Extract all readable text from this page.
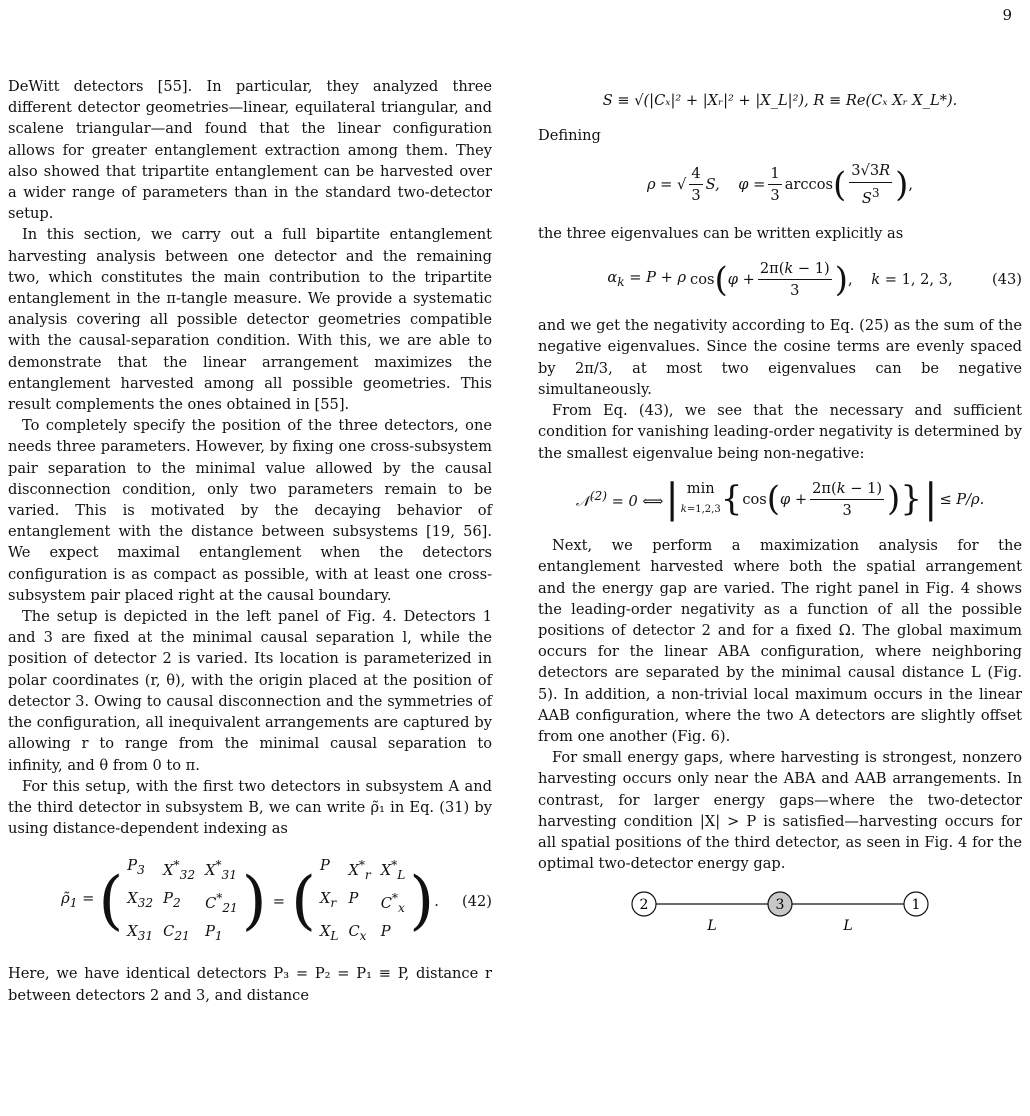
9

DeWitt detectors [55]. In particular, they analyzed three different detector geometries—linear, equilateral triangular, and scalene triangular—and found that the linear configuration allows for greater entanglement extraction among them. They also showed that tripartite entanglement can be harvested over a wider range of parameters than in the standard two-detector setup.

In this section, we carry out a full bipartite entanglement harvesting analysis between one detector and the remaining two, which constitutes the main contribution to the tripartite entanglement in the π-tangle measure. We provide a systematic analysis covering all possible detector geometries compatible with the causal-separation condition. With this, we are able to demonstrate that the linear arrangement maximizes the entanglement harvested among all possible geometries. This result complements the ones obtained in [55].

To completely specify the position of the three detectors, one needs three parameters. However, by fixing one cross-subsystem pair separation to the minimal value allowed by the causal disconnection condition, only two parameters remain to be varied. This is motivated by the decaying behavior of entanglement with the distance between subsystems [19, 56]. We expect maximal entanglement when the detectors configuration is as compact as possible, with at least one cross-subsystem pair placed right at the causal boundary.

The setup is depicted in the left panel of Fig. 4. Detectors 1 and 3 are fixed at the minimal causal separation l, while the position of detector 2 is varied. Its location is parameterized in polar coordinates (r, θ), with the origin placed at the position of detector 3. Owing to causal disconnection and the symmetries of the configuration, all inequivalent arrangements are captured by allowing r to range from the minimal causal separation to infinity, and θ from 0 to π.

For this setup, with the first two detectors in subsystem A and the third detector in subsystem B, we can write ρ̃₁ in Eq. (31) by using distance-dependent indexing as

$\rhõ_1$ = ( $P_3$	$X^*_{32}$ $X^*_{31}$
$X_{32}$ $P_2$	$C^*_{21}$
$X_{31}$ $C_{21}$	$P_1$ ) = ( P	$X^*_r$ $X^*_L$
$X_r$ P	$C^*_x$
$X_L$ $C_x$ P ) . (42)

Here, we have identical detectors P₃ = P₂ = P₁ ≡ P, distance r between detectors 2 and 3, and distance

S ≡ √(|Cₓ|² + |Xᵣ|² + |X_L|²), R ≡ Re(Cₓ Xᵣ X_L*).

Defining

ρ = √ $\frac{4}{3} S$,    $\varphi = \frac{1}{3}$ arccos ( $\frac{3√3R}{S^3}$ ) ,

the three eigenvalues can be written explicitly as

$\alpha_k = P + \rho$ cos ( $\varphi + \frac{2\pi(k - 1)}{3}$ ) ,    k = 1, 2, 3,	(43)

and we get the negativity according to Eq. (25) as the sum of the negative eigenvalues. Since the cosine terms are evenly spaced by 2π/3, at most two eigenvalues can be negative simultaneously.

From Eq. (43), we see that the necessary and sufficient condition for vanishing leading-order negativity is determined by the smallest eigenvalue being non-negative:

𝒩$^{(2)}$ = 0 ⟺ | min
k=1,2,3 { cos ( $\varphi + \frac{2\pi(k - 1)}{3}$ ) } | ≤ P/ρ.

Next, we perform a maximization analysis for the entanglement harvested where both the spatial arrangement and the energy gap are varied. The right panel in Fig. 4 shows the leading-order negativity as a function of all the possible positions of detector 2 and for a fixed Ω. The global maximum occurs for the linear ABA configuration, where neighboring detectors are separated by the minimal causal distance L (Fig. 5). In addition, a non-trivial local maximum occurs in the linear AAB configuration, where the two A detectors are slightly offset from one another (Fig. 6).

For small energy gaps, where harvesting is strongest, nonzero harvesting occurs only near the ABA and AAB arrangements. In contrast, for larger energy gaps—where the two-detector harvesting condition |X| > P is satisfied—harvesting occurs for all spatial positions of the third detector, as seen in Fig. 4 for the optimal two-detector energy gap.

2	3	1
L	L
